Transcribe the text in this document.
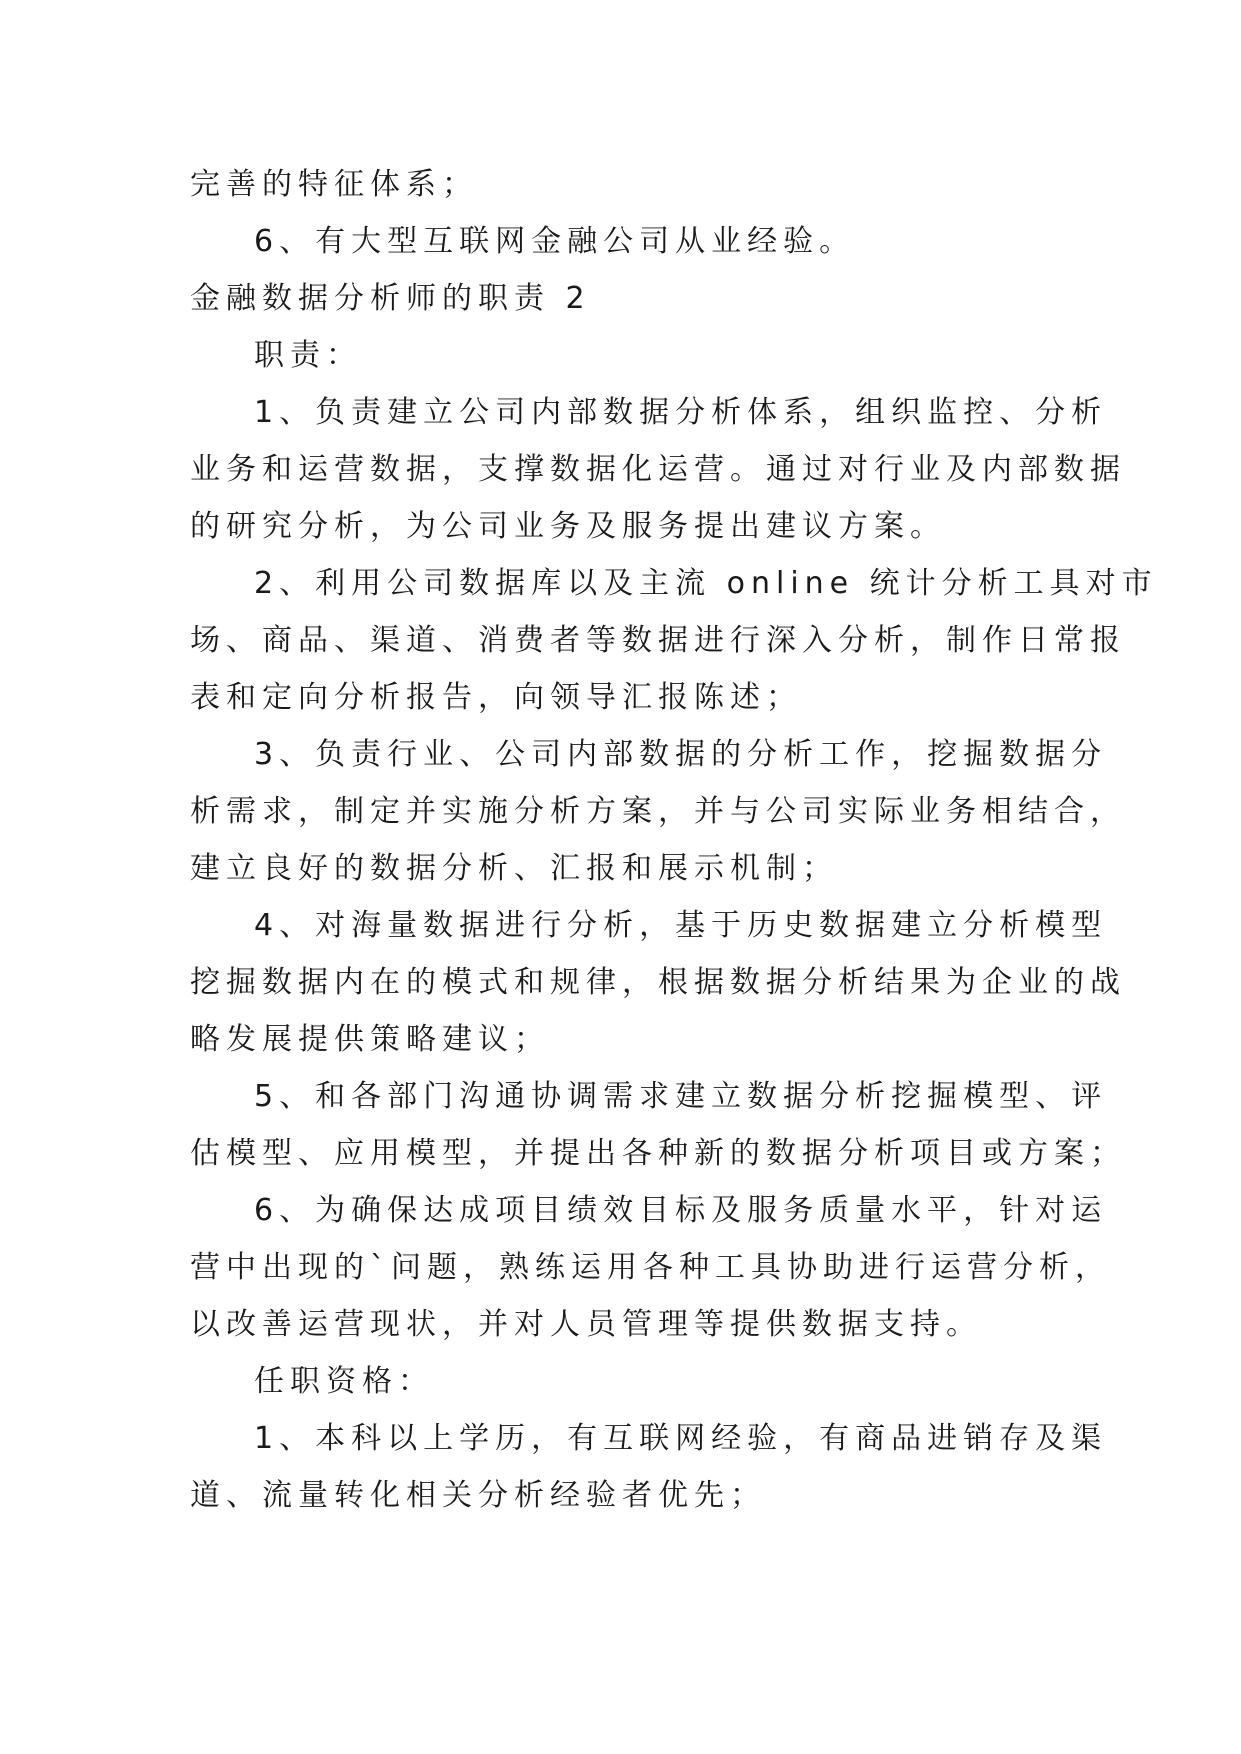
完善的特征体系；
6、有大型互联网金融公司从业经验。
金融数据分析师的职责 2
职责：
1、负责建立公司内部数据分析体系，组织监控、分析
业务和运营数据，支撑数据化运营。通过对行业及内部数据
的研究分析，为公司业务及服务提出建议方案。
2、利用公司数据库以及主流 online 统计分析工具对市
场、商品、渠道、消费者等数据进行深入分析，制作日常报
表和定向分析报告，向领导汇报陈述；
3、负责行业、公司内部数据的分析工作，挖掘数据分
析需求，制定并实施分析方案，并与公司实际业务相结合，
建立良好的数据分析、汇报和展示机制；
4、对海量数据进行分析，基于历史数据建立分析模型
挖掘数据内在的模式和规律，根据数据分析结果为企业的战
略发展提供策略建议；
5、和各部门沟通协调需求建立数据分析挖掘模型、评
估模型、应用模型，并提出各种新的数据分析项目或方案；
6、为确保达成项目绩效目标及服务质量水平，针对运
营中出现的`问题，熟练运用各种工具协助进行运营分析，
以改善运营现状，并对人员管理等提供数据支持。
任职资格：
1、本科以上学历，有互联网经验，有商品进销存及渠
道、流量转化相关分析经验者优先；
